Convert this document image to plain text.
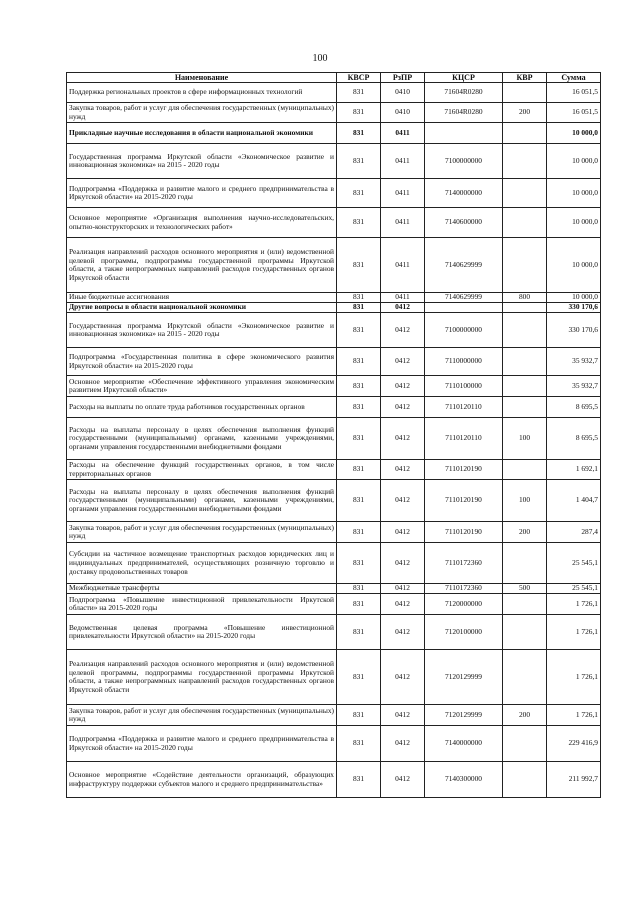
100
Наименование	КВСР	РзПР	КЦСР	КВР	Сумма
Поддержка региональных проектов в сфере информационных технологий	831	0410	71604R0280		16 051,5
Закупка товаров, работ и услуг для обеспечения государственных (муниципальных) нужд	831	0410	71604R0280	200	16 051,5
Прикладные научные исследования в области национальной экономики	831	0411			10 000,0
Государственная программа Иркутской области «Экономическое развитие и инновационная экономика» на 2015 - 2020 годы	831	0411	7100000000		10 000,0
Подпрограмма «Поддержка и развитие малого и среднего предпринимательства в Иркутской области» на 2015-2020 годы	831	0411	7140000000		10 000,0
Основное мероприятие «Организация выполнения научно-исследовательских, опытно-конструкторских и технологических работ»	831	0411	7140600000		10 000,0
Реализация направлений расходов основного мероприятия и (или) ведомственной целевой программы, подпрограммы государственной программы Иркутской области, а также непрограммных направлений расходов государственных органов Иркутской области	831	0411	7140629999		10 000,0
Иные бюджетные ассигнования	831	0411	7140629999	800	10 000,0
Другие вопросы в области национальной экономики	831	0412			330 170,6
Государственная программа Иркутской области «Экономическое развитие и инновационная экономика» на 2015 - 2020 годы	831	0412	7100000000		330 170,6
Подпрограмма «Государственная политика в сфере экономического развития Иркутской области» на 2015-2020 годы	831	0412	7110000000		35 932,7
Основное мероприятие «Обеспечение эффективного управления экономическим развитием Иркутской области»	831	0412	7110100000		35 932,7
Расходы на выплаты по оплате труда работников государственных органов	831	0412	7110120110		8 695,5
Расходы на выплаты персоналу в целях обеспечения выполнения функций государственными (муниципальными) органами, казенными учреждениями, органами управления государственными внебюджетными фондами	831	0412	7110120110	100	8 695,5
Расходы на обеспечение функций государственных органов, в том числе территориальных органов	831	0412	7110120190		1 692,1
Расходы на выплаты персоналу в целях обеспечения выполнения функций государственными (муниципальными) органами, казенными учреждениями, органами управления государственными внебюджетными фондами	831	0412	7110120190	100	1 404,7
Закупка товаров, работ и услуг для обеспечения государственных (муниципальных) нужд	831	0412	7110120190	200	287,4
Субсидии на частичное возмещение транспортных расходов юридических лиц и индивидуальных предпринимателей, осуществляющих розничную торговлю и доставку продовольственных товаров	831	0412	7110172360		25 545,1
Межбюджетные трансферты	831	0412	7110172360	500	25 545,1
Подпрограмма «Повышение инвестиционной привлекательности Иркутской области» на 2015-2020 годы	831	0412	7120000000		1 726,1
Ведомственная целевая программа «Повышение инвестиционной привлекательности Иркутской области» на 2015-2020 годы	831	0412	7120100000		1 726,1
Реализация направлений расходов основного мероприятия и (или) ведомственной целевой программы, подпрограммы государственной программы Иркутской области, а также непрограммных направлений расходов государственных органов Иркутской области	831	0412	7120129999		1 726,1
Закупка товаров, работ и услуг для обеспечения государственных (муниципальных) нужд	831	0412	7120129999	200	1 726,1
Подпрограмма «Поддержка и развитие малого и среднего предпринимательства в Иркутской области» на 2015-2020 годы	831	0412	7140000000		229 416,9
Основное мероприятие «Содействие деятельности организаций, образующих инфраструктуру поддержки субъектов малого и среднего предпринимательства»	831	0412	7140300000		211 992,7
